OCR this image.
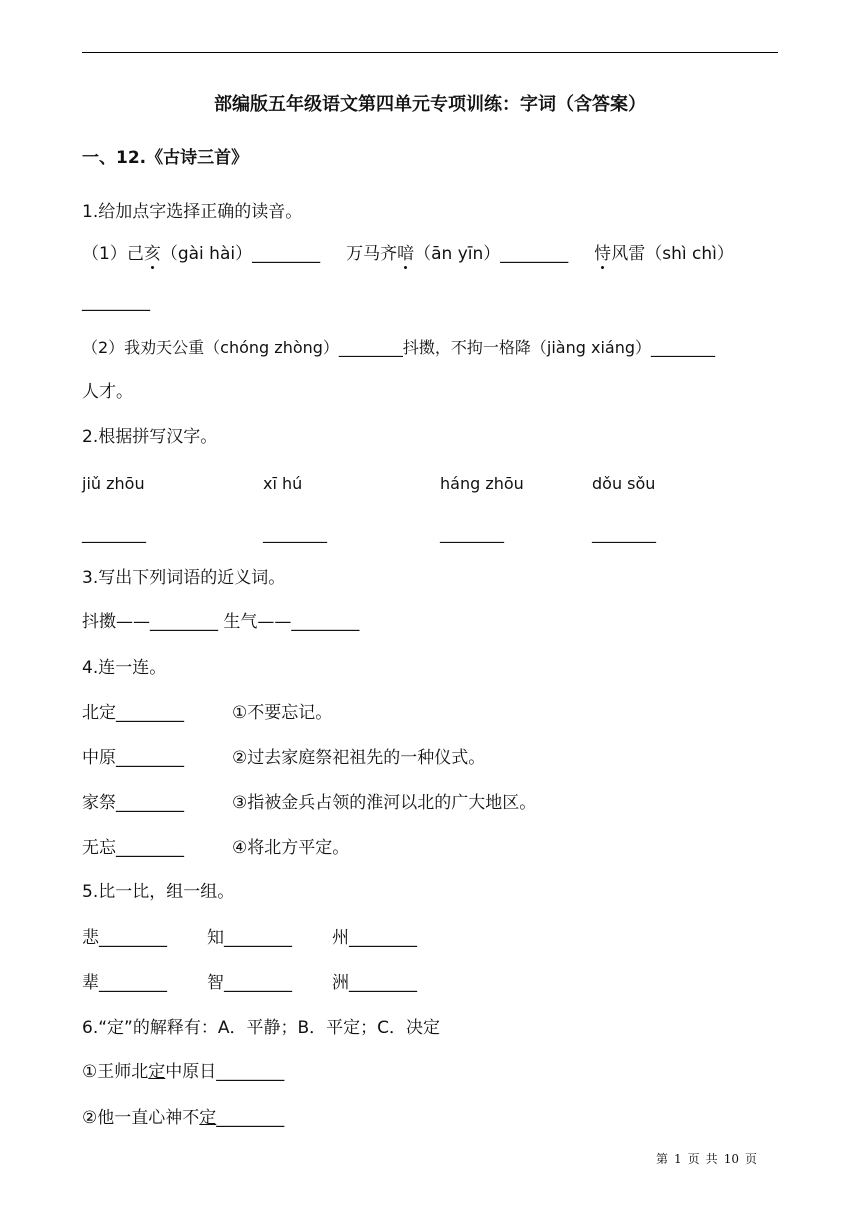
部编版五年级语文第四单元专项训练：字词（含答案）
一、12.《古诗三首》
1.给加点字选择正确的读音。
（1）己亥（gài hài）________ 万马齐喑（ān yīn）________ 恃风雷（shì chì）
________
（2）我劝天公重（chóng zhòng）________抖擞，不拘一格降（jiàng xiáng）________
人才。
2.根据拼写汉字。
jiǔ zhōu	xī hú	háng zhōu	dǒu sǒu
________	________	________	________
3.写出下列词语的近义词。
抖擞——________ 生气——________
4.连一连。
北定________	①不要忘记。
中原________	②过去家庭祭祀祖先的一种仪式。
家祭________	③指被金兵占领的淮河以北的广大地区。
无忘________	④将北方平定。
5.比一比，组一组。
悲________ 知________ 州________
辈________ 智________ 洲________
6.“定”的解释有：A．平静；B．平定；C．决定
①王师北定中原日________
②他一直心神不定________
第 1 页 共 10 页
